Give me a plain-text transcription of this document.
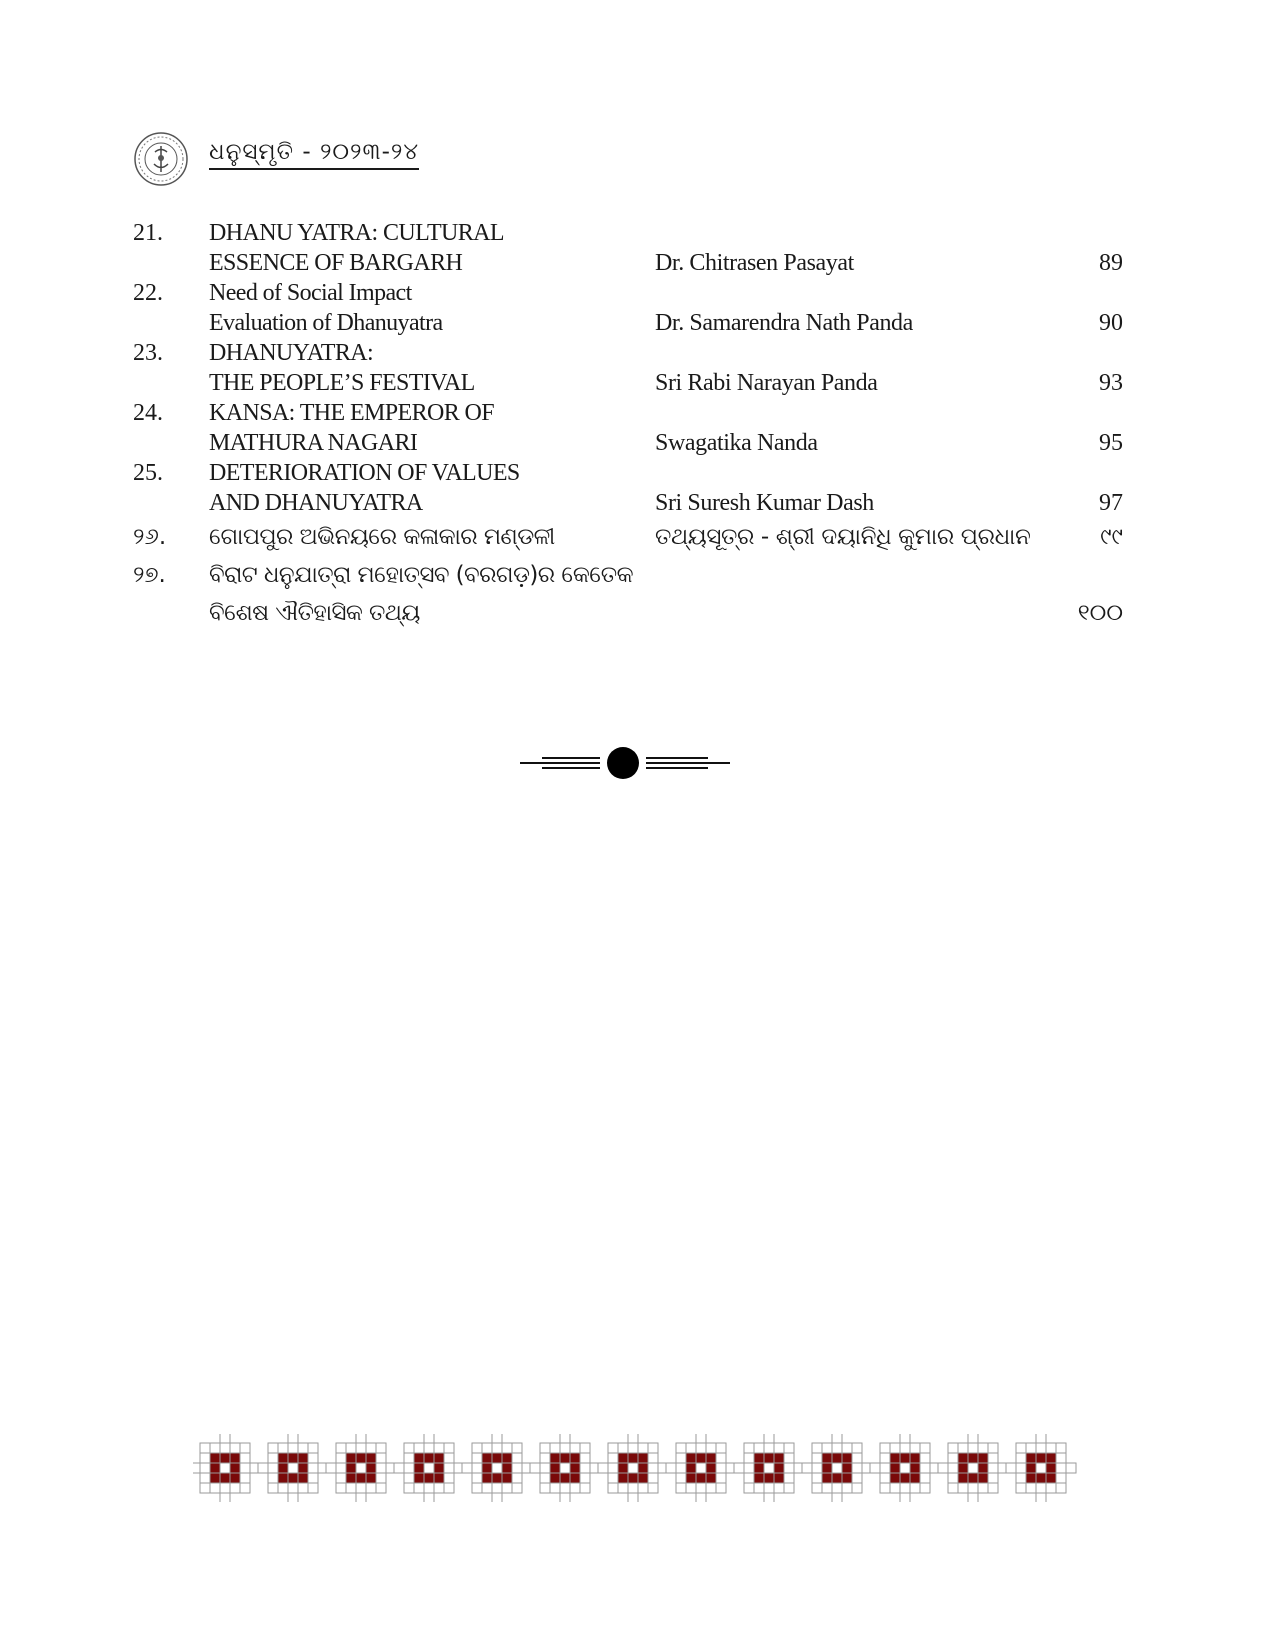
ଧନୁସ୍ମୃତି - ୨୦୨୩-୨୪
21. DHANU YATRA: CULTURAL
ESSENCE OF BARGARH	Dr. Chitrasen Pasayat	89
22. Need of Social Impact
Evaluation of Dhanuyatra	Dr. Samarendra Nath Panda	90
23. DHANUYATRA:
THE PEOPLE’S FESTIVAL	Sri Rabi Narayan Panda	93
24. KANSA: THE EMPEROR OF
MATHURA NAGARI	Swagatika Nanda	95
25. DETERIORATION OF VALUES
AND DHANUYATRA	Sri Suresh Kumar Dash	97
୨୬. ଗୋପପୁର ଅଭିନୟରେ କଳାକାର ମଣ୍ଡଳୀ	ତଥ୍ୟସୂତ୍ର - ଶ୍ରୀ ଦୟାନିଧି କୁମାର ପ୍ରଧାନ	୯୯
୨୭. ବିରାଟ ଧନୁଯାତ୍ରା ମହୋତ୍ସବ (ବରଗଡ଼)ର କେତେକ
ବିଶେଷ ଐତିହାସିକ ତଥ୍ୟ	୧୦୦
